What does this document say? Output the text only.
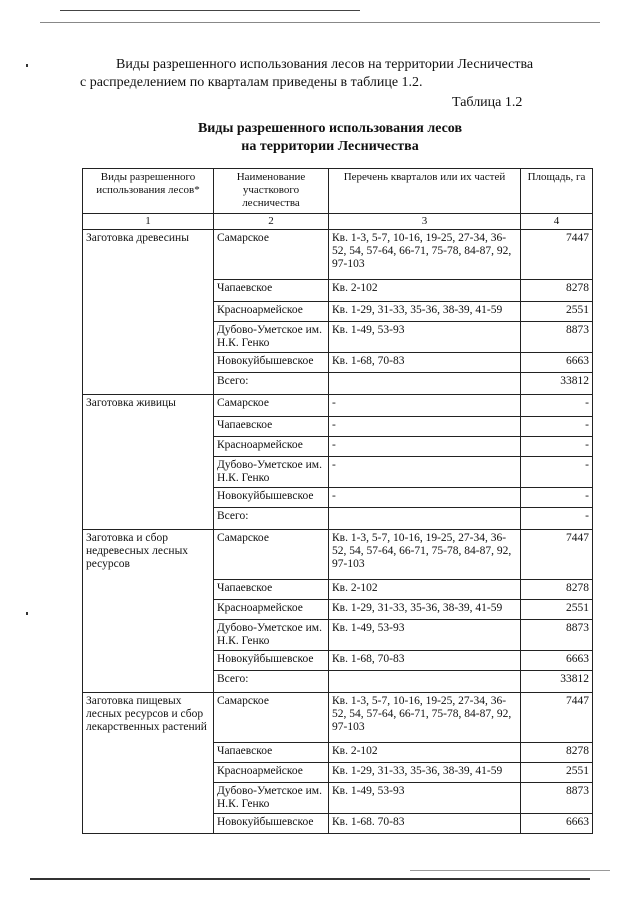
Виды разрешенного использования лесов на территории Лесничества
с распределением по кварталам приведены в таблице 1.2.
Таблица 1.2
Виды разрешенного использования лесов
на территории Лесничества
Виды разрешенного использования лесов*	Наименование участкового лесничества	Перечень кварталов или их частей	Площадь, га
1	2	3	4
Заготовка древесины	Самарское	Кв. 1-3, 5-7, 10-16, 19-25, 27-34, 36-52, 54, 57-64, 66-71, 75-78, 84-87, 92, 97-103	7447
	Чапаевское	Кв. 2-102	8278
	Красноармейское	Кв. 1-29, 31-33, 35-36, 38-39, 41-59	2551
	Дубово-Уметское им. Н.К. Генко	Кв. 1-49, 53-93	8873
	Новокуйбышевское	Кв. 1-68, 70-83	6663
	Всего:		33812
Заготовка живицы	Самарское	-	-
	Чапаевское	-	-
	Красноармейское	-	-
	Дубово-Уметское им. Н.К. Генко	-	-
	Новокуйбышевское	-	-
	Всего:		-
Заготовка и сбор недревесных лесных ресурсов	Самарское	Кв. 1-3, 5-7, 10-16, 19-25, 27-34, 36-52, 54, 57-64, 66-71, 75-78, 84-87, 92, 97-103	7447
	Чапаевское	Кв. 2-102	8278
	Красноармейское	Кв. 1-29, 31-33, 35-36, 38-39, 41-59	2551
	Дубово-Уметское им. Н.К. Генко	Кв. 1-49, 53-93	8873
	Новокуйбышевское	Кв. 1-68, 70-83	6663
	Всего:		33812
Заготовка пищевых лесных ресурсов и сбор лекарственных растений	Самарское	Кв. 1-3, 5-7, 10-16, 19-25, 27-34, 36-52, 54, 57-64, 66-71, 75-78, 84-87, 92, 97-103	7447
	Чапаевское	Кв. 2-102	8278
	Красноармейское	Кв. 1-29, 31-33, 35-36, 38-39, 41-59	2551
	Дубово-Уметское им. Н.К. Генко	Кв. 1-49, 53-93	8873
	Новокуйбышевское	Кв. 1-68. 70-83	6663
